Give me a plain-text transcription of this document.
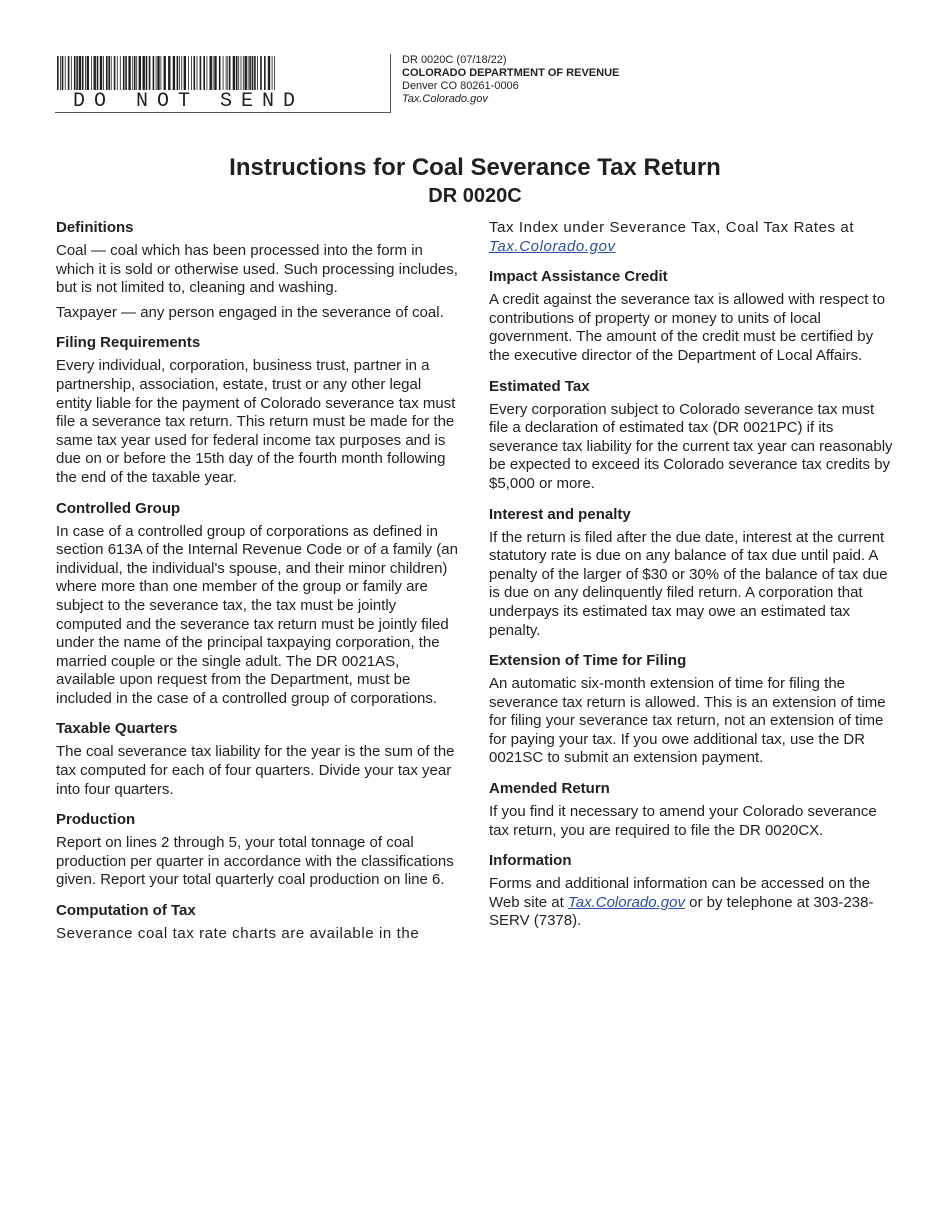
DO NOT SEND
DR 0020C (07/18/22)
COLORADO DEPARTMENT OF REVENUE
Denver CO 80261-0006
Tax.Colorado.gov
Instructions for Coal Severance Tax Return
DR 0020C
Definitions

Coal — coal which has been processed into the form in which it is sold or otherwise used. Such processing includes, but is not limited to, cleaning and washing.

Taxpayer — any person engaged in the severance of coal.

Filing Requirements

Every individual, corporation, business trust, partner in a partnership, association, estate, trust or any other legal entity liable for the payment of Colorado severance tax must file a severance tax return. This return must be made for the same tax year used for federal income tax purposes and is due on or before the 15th day of the fourth month following the end of the taxable year.

Controlled Group

In case of a controlled group of corporations as defined in section 613A of the Internal Revenue Code or of a family (an individual, the individual's spouse, and their minor children) where more than one member of the group or family are subject to the severance tax, the tax must be jointly computed and the severance tax return must be jointly filed under the name of the principal taxpaying corporation, the married couple or the single adult. The DR 0021AS, available upon request from the Department, must be included in the case of a controlled group of corporations.

Taxable Quarters

The coal severance tax liability for the year is the sum of the tax computed for each of four quarters. Divide your tax year into four quarters.

Production

Report on lines 2 through 5, your total tonnage of coal production per quarter in accordance with the classifications given. Report your total quarterly coal production on line 6.

Computation of Tax

Severance coal tax rate charts are available in the

Tax Index under Severance Tax, Coal Tax Rates at
Tax.Colorado.gov

Impact Assistance Credit

A credit against the severance tax is allowed with respect to contributions of property or money to units of local government. The amount of the credit must be certified by the executive director of the Department of Local Affairs.

Estimated Tax

Every corporation subject to Colorado severance tax must file a declaration of estimated tax (DR 0021PC) if its severance tax liability for the current tax year can reasonably be expected to exceed its Colorado severance tax credits by $5,000 or more.

Interest and penalty

If the return is filed after the due date, interest at the current statutory rate is due on any balance of tax due until paid. A penalty of the larger of $30 or 30% of the balance of tax due is due on any delinquently filed return. A corporation that underpays its estimated tax may owe an estimated tax penalty.

Extension of Time for Filing

An automatic six-month extension of time for filing the severance tax return is allowed. This is an extension of time for filing your severance tax return, not an extension of time for paying your tax. If you owe additional tax, use the DR 0021SC to submit an extension payment.

Amended Return

If you find it necessary to amend your Colorado severance tax return, you are required to file the DR 0020CX.

Information

Forms and additional information can be accessed on the Web site at Tax.Colorado.gov or by telephone at 303-238-SERV (7378).
